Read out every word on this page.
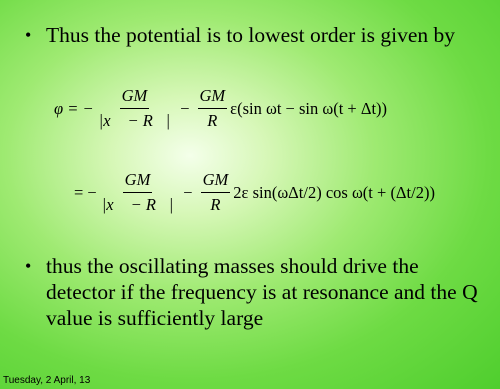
• Thus the potential is to lowest order is given by
φ = − $\frac{GM}{|x⃗ - R⃗|} - \frac{GM}{R} \varepsilon(\sin$ ωt − sin ω(t + Δt))
= − $\frac{GM}{|x⃗ - R⃗|} - \frac{GM}{R} 2\varepsilon$ sin(ωΔt/2) cos ω(t + (Δt/2))
• thus the oscillating masses should drive the detector if the frequency is at resonance and the Q value is sufficiently large
Tuesday, 2 April, 13
